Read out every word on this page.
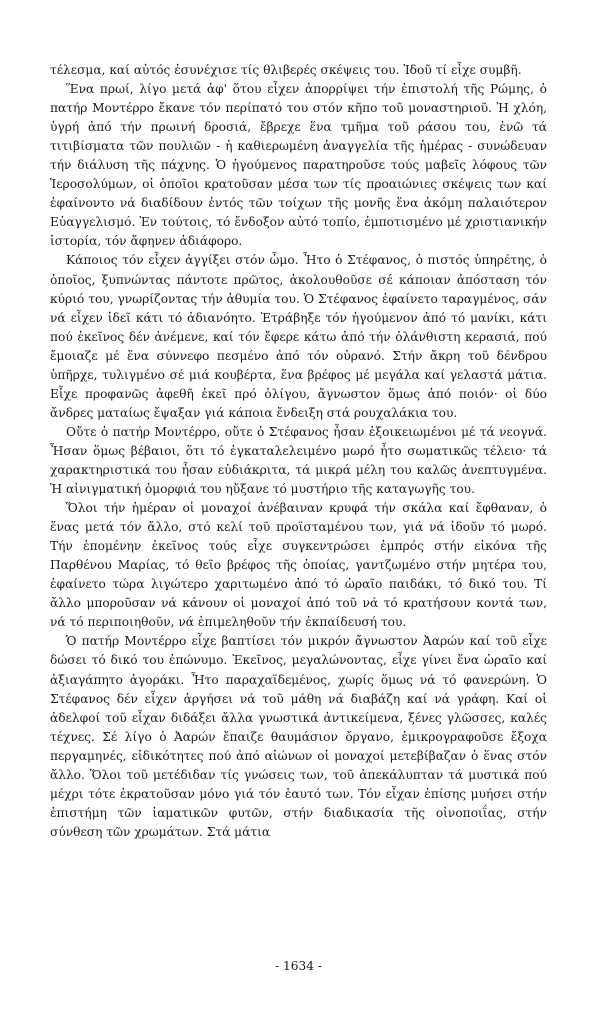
τέλεσμα, καί αὐτός ἐσυνέχισε τίς θλιβερές σκέψεις του. Ἰδοῦ τί εἶχε συμβῆ.

Ἕνα πρωί, λίγο μετά ἀφ' ὅτου εἶχεν ἀπορρίψει τήν ἐπιστολή τῆς Ρώμης, ὁ πατήρ Μοντέρρο ἔκανε τόν περίπατό του στόν κῆπο τοῦ μοναστηριοῦ. Ἡ χλόη, ὑγρή ἀπό τήν πρωινή δροσιά, ἔβρεχε ἕνα τμῆμα τοῦ ράσου του, ἐνῶ τά τιτιβίσματα τῶν πουλιῶν - ἡ καθιερωμένη ἀναγγελία τῆς ἡμέρας - συνώδευαν τήν διάλυση τῆς πάχνης. Ὁ ἡγούμενος παρατηροῦσε τούς μαβεῖς λόφους τῶν Ἱεροσολύμων, οἱ ὁποῖοι κρατοῦσαν μέσα των τίς προαιώνιες σκέψεις των καί ἐφαίνοντο νά διαδίδουν ἐντός τῶν τοίχων τῆς μονῆς ἕνα ἀκόμη παλαιότερον Εὐαγγελισμό. Ἐν τούτοις, τό ἔνδοξον αὐτό τοπίο, ἐμποτισμένο μέ χριστιανικήν ἱστορία, τόν ἄφηνεν ἀδιάφορο.

Κάποιος τόν εἶχεν ἀγγίξει στόν ὦμο. Ἦτο ὁ Στέφανος, ὁ πιστός ὑπηρέτης, ὁ ὁποῖος, ξυπνώντας πάντοτε πρῶτος, ἀκολουθοῦσε σέ κάποιαν ἀπόσταση τόν κύριό του, γνωρίζοντας τήν ἀθυμία του. Ὁ Στέφανος ἐφαίνετο ταραγμένος, σάν νά εἶχεν ἰδεῖ κάτι τό ἀδιανόητο. Ἐτράβηξε τόν ἡγούμενον ἀπό τό μανίκι, κάτι πού ἐκεῖνος δέν ἀνέμενε, καί τόν ἔφερε κάτω ἀπό τήν ὀλάνθιστη κερασιά, πού ἔμοιαζε μέ ἕνα σύννεφο πεσμένο ἀπό τόν οὐρανό. Στήν ἄκρη τοῦ δένδρου ὑπῆρχε, τυλιγμένο σέ μιά κουβέρτα, ἕνα βρέφος μέ μεγάλα καί γελαστά μάτια. Εἶχε προφανῶς ἀφεθῆ ἐκεῖ πρό ὀλίγου, ἄγνωστον ὅμως ἀπό ποιόν· οἱ δύο ἄνδρες ματαίως ἔψαξαν γιά κάποια ἔνδειξη στά ρουχαλάκια του.

Οὔτε ὁ πατήρ Μοντέρρο, οὔτε ὁ Στέφανος ἦσαν ἐξοικειωμένοι μέ τά νεογνά. Ἦσαν ὅμως βέβαιοι, ὅτι τό ἐγκαταλελειμένο μωρό ἦτο σωματικῶς τέλειο· τά χαρακτηριστικά του ἦσαν εὐδιάκριτα, τά μικρά μέλη του καλῶς ἀνεπτυγμένα. Ἡ αἰνιγματική ὀμορφιά του ηὔξανε τό μυστήριο τῆς καταγωγῆς του.

Ὅλοι τήν ἡμέραν οἱ μοναχοί ἀνέβαιναν κρυφά τήν σκάλα καί ἔφθαναν, ὁ ἕνας μετά τόν ἄλλο, στό κελί τοῦ προϊσταμένου των, γιά νά ἰδοῦν τό μωρό. Τήν ἑπομένην ἐκεῖνος τούς εἶχε συγκεντρώσει ἐμπρός στήν εἰκόνα τῆς Παρθένου Μαρίας, τό θεῖο βρέφος τῆς ὁποίας, γαντζωμένο στήν μητέρα του, ἐφαίνετο τώρα λιγώτερο χαριτωμένο ἀπό τό ὡραῖο παιδάκι, τό δικό του. Τί ἄλλο μποροῦσαν νά κάνουν οἱ μοναχοί ἀπό τοῦ νά τό κρατήσουν κοντά των, νά τό περιποιηθοῦν, νά ἐπιμεληθοῦν τήν ἐκπαίδευσή του.

Ὁ πατήρ Μοντέρρο εἶχε βαπτίσει τόν μικρόν ἄγνωστον Ἀαρών καί τοῦ εἶχε δώσει τό δικό του ἐπώνυμο. Ἐκεῖνος, μεγαλώνοντας, εἶχε γίνει ἕνα ὡραῖο καί ἀξιαγάπητο ἀγοράκι. Ἦτο παραχαϊδεμένος, χωρίς ὅμως νά τό φανερώνη. Ὁ Στέφανος δέν εἶχεν ἀργήσει νά τοῦ μάθη νά διαβάζη καί νά γράφη. Καί οἱ ἀδελφοί τοῦ εἶχαν διδάξει ἄλλα γνωστικά ἀντικείμενα, ξένες γλῶσσες, καλές τέχνες. Σέ λίγο ὁ Ἀαρών ἔπαιζε θαυμάσιον ὄργανο, ἐμικρογραφοῦσε ἔξοχα περγαμηνές, εἰδικότητες πού ἀπό αἰώνων οἱ μοναχοί μετεβίβαζαν ὁ ἕνας στόν ἄλλο. Ὅλοι τοῦ μετέδιδαν τίς γνώσεις των, τοῦ ἀπεκάλυπταν τά μυστικά πού μέχρι τότε ἐκρατοῦσαν μόνο γιά τόν ἑαυτό των. Τόν εἶχαν ἐπίσης μυήσει στήν ἐπιστήμη τῶν ἰαματικῶν φυτῶν, στήν διαδικασία τῆς οἰνοποιΐας, στήν σύνθεση τῶν χρωμάτων. Στά μάτια

- 1634 -
